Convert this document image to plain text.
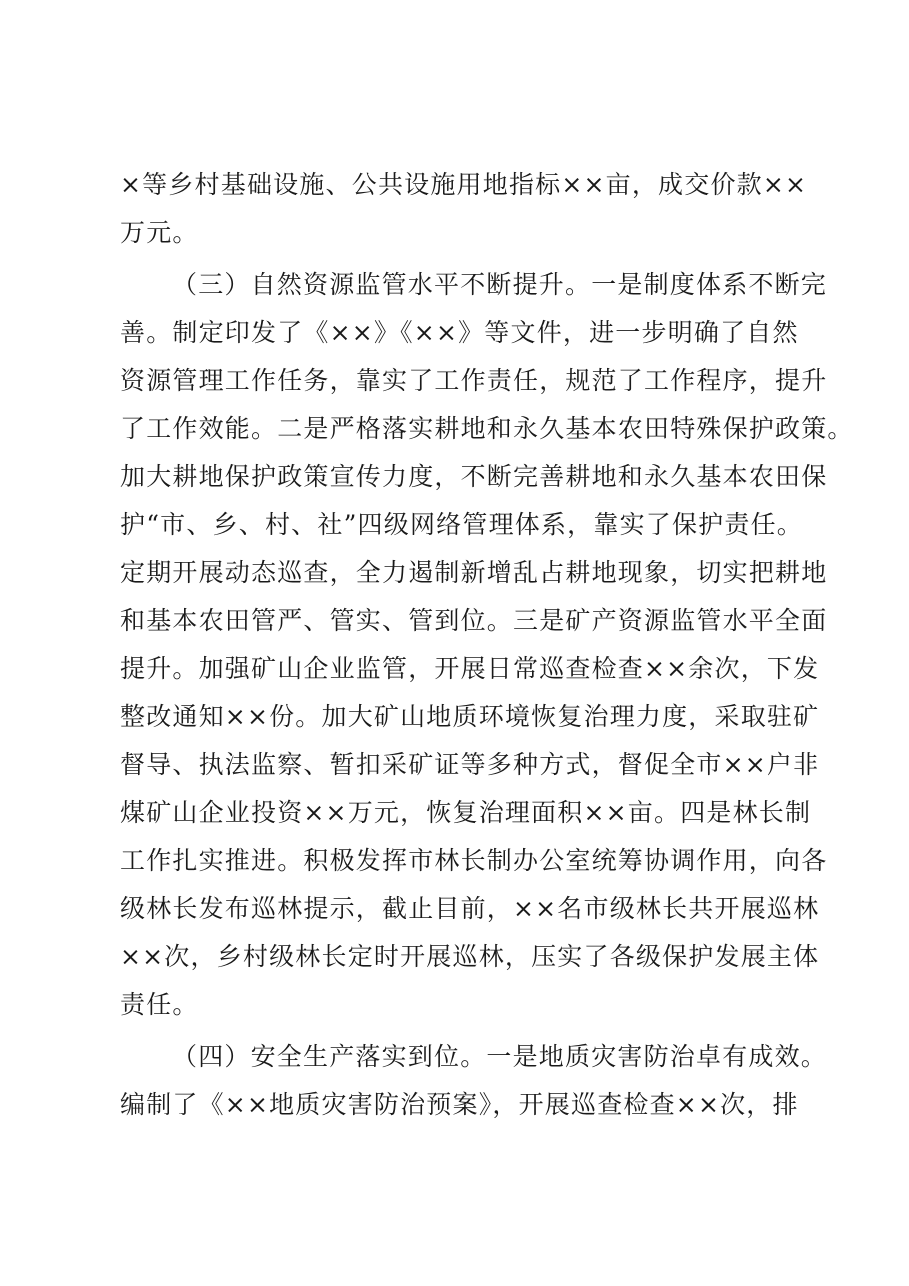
×等乡村基础设施、公共设施用地指标××亩，成交价款××
万元。
（三）自然资源监管水平不断提升。一是制度体系不断完
善。制定印发了《××》《××》等文件，进一步明确了自然
资源管理工作任务，靠实了工作责任，规范了工作程序，提升
了工作效能。二是严格落实耕地和永久基本农田特殊保护政策。
加大耕地保护政策宣传力度，不断完善耕地和永久基本农田保
护“市、乡、村、社”四级网络管理体系，靠实了保护责任。
定期开展动态巡查，全力遏制新增乱占耕地现象，切实把耕地
和基本农田管严、管实、管到位。三是矿产资源监管水平全面
提升。加强矿山企业监管，开展日常巡查检查××余次，下发
整改通知××份。加大矿山地质环境恢复治理力度，采取驻矿
督导、执法监察、暂扣采矿证等多种方式，督促全市××户非
煤矿山企业投资××万元，恢复治理面积××亩。四是林长制
工作扎实推进。积极发挥市林长制办公室统筹协调作用，向各
级林长发布巡林提示，截止目前，××名市级林长共开展巡林
××次，乡村级林长定时开展巡林，压实了各级保护发展主体
责任。
（四）安全生产落实到位。一是地质灾害防治卓有成效。
编制了《××地质灾害防治预案》，开展巡查检查××次，排
